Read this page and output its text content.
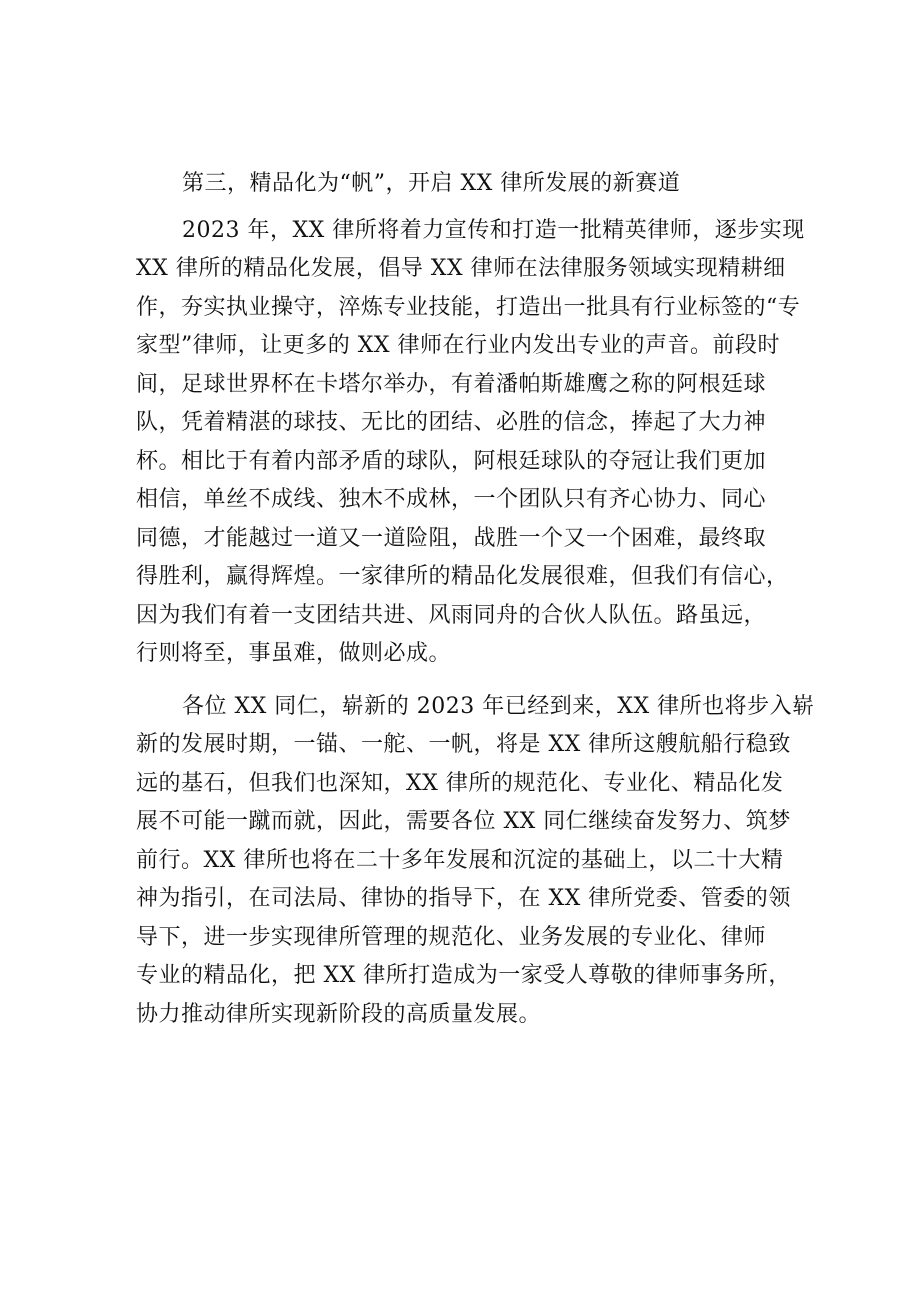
第三，精品化为“帆”，开启 XX 律所发展的新赛道
2023 年，XX 律所将着力宣传和打造一批精英律师，逐步实现
XX 律所的精品化发展，倡导 XX 律师在法律服务领域实现精耕细
作，夯实执业操守，淬炼专业技能，打造出一批具有行业标签的“专
家型”律师，让更多的 XX 律师在行业内发出专业的声音。前段时
间，足球世界杯在卡塔尔举办，有着潘帕斯雄鹰之称的阿根廷球
队，凭着精湛的球技、无比的团结、必胜的信念，捧起了大力神
杯。相比于有着内部矛盾的球队，阿根廷球队的夺冠让我们更加
相信，单丝不成线、独木不成林，一个团队只有齐心协力、同心
同德，才能越过一道又一道险阻，战胜一个又一个困难，最终取
得胜利，赢得辉煌。一家律所的精品化发展很难，但我们有信心，
因为我们有着一支团结共进、风雨同舟的合伙人队伍。路虽远，
行则将至，事虽难，做则必成。
各位 XX 同仁，崭新的 2023 年已经到来，XX 律所也将步入崭
新的发展时期，一锚、一舵、一帆，将是 XX 律所这艘航船行稳致
远的基石，但我们也深知，XX 律所的规范化、专业化、精品化发
展不可能一蹴而就，因此，需要各位 XX 同仁继续奋发努力、筑梦
前行。XX 律所也将在二十多年发展和沉淀的基础上，以二十大精
神为指引，在司法局、律协的指导下，在 XX 律所党委、管委的领
导下，进一步实现律所管理的规范化、业务发展的专业化、律师
专业的精品化，把 XX 律所打造成为一家受人尊敬的律师事务所，
协力推动律所实现新阶段的高质量发展。
